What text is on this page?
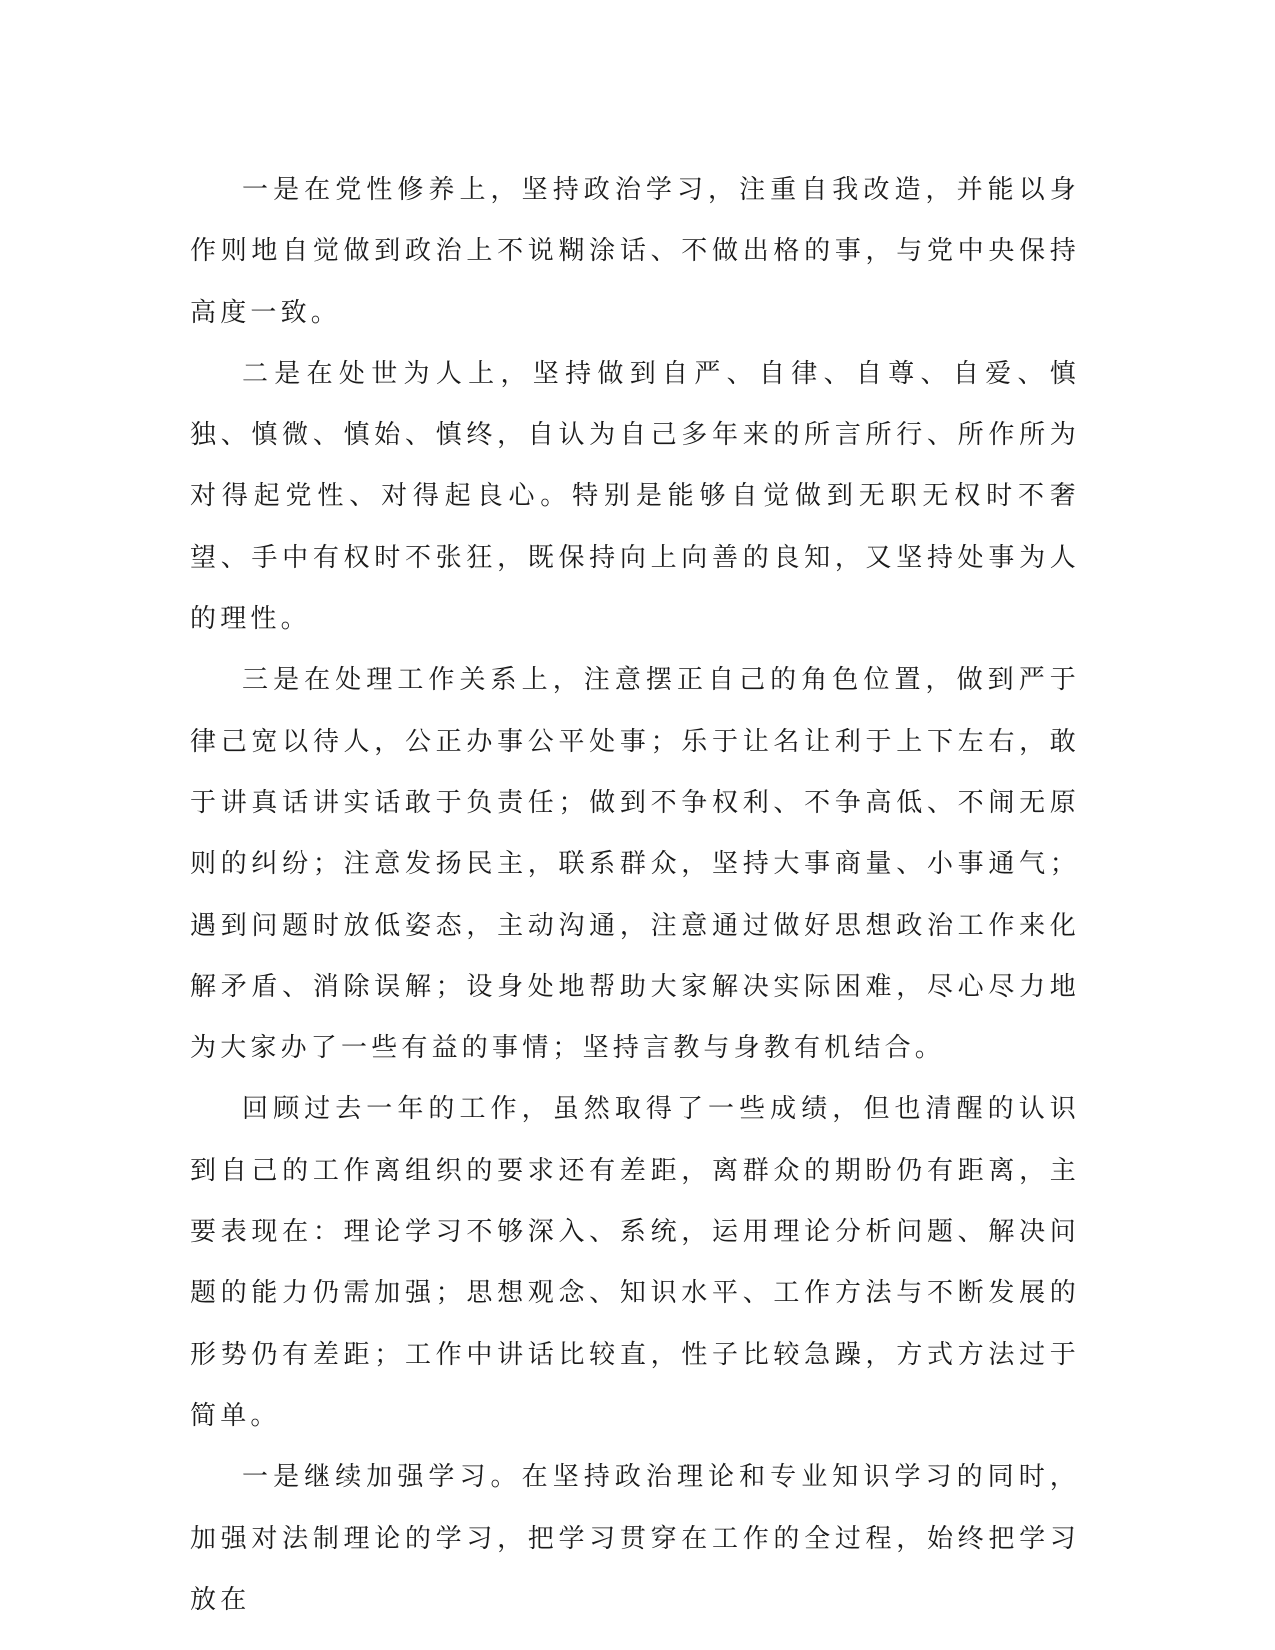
一是在党性修养上，坚持政治学习，注重自我改造，并能以身作则地自觉做到政治上不说糊涂话、不做出格的事，与党中央保持高度一致。

二是在处世为人上，坚持做到自严、自律、自尊、自爱、慎独、慎微、慎始、慎终，自认为自己多年来的所言所行、所作所为对得起党性、对得起良心。特别是能够自觉做到无职无权时不奢望、手中有权时不张狂，既保持向上向善的良知，又坚持处事为人的理性。

三是在处理工作关系上，注意摆正自己的角色位置，做到严于律己宽以待人，公正办事公平处事；乐于让名让利于上下左右，敢于讲真话讲实话敢于负责任；做到不争权利、不争高低、不闹无原则的纠纷；注意发扬民主，联系群众，坚持大事商量、小事通气；遇到问题时放低姿态，主动沟通，注意通过做好思想政治工作来化解矛盾、消除误解；设身处地帮助大家解决实际困难，尽心尽力地为大家办了一些有益的事情；坚持言教与身教有机结合。

回顾过去一年的工作，虽然取得了一些成绩，但也清醒的认识到自己的工作离组织的要求还有差距，离群众的期盼仍有距离，主要表现在：理论学习不够深入、系统，运用理论分析问题、解决问题的能力仍需加强；思想观念、知识水平、工作方法与不断发展的形势仍有差距；工作中讲话比较直，性子比较急躁，方式方法过于简单。

一是继续加强学习。在坚持政治理论和专业知识学习的同时，加强对法制理论的学习，把学习贯穿在工作的全过程，始终把学习放在
